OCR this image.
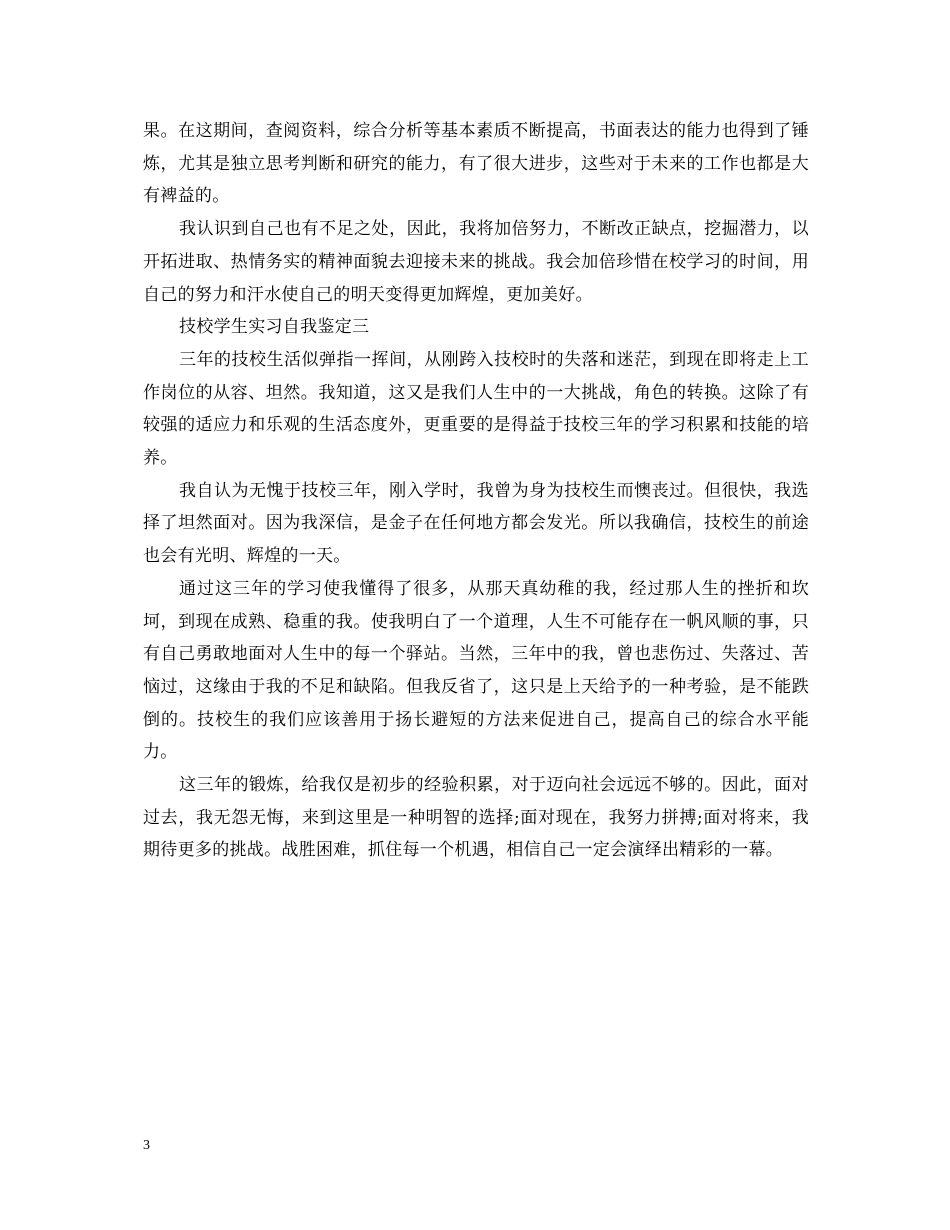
果。在这期间，查阅资料，综合分析等基本素质不断提高，书面表达的能力也得到了锤炼，尤其是独立思考判断和研究的能力，有了很大进步，这些对于未来的工作也都是大有裨益的。

我认识到自己也有不足之处，因此，我将加倍努力，不断改正缺点，挖掘潜力，以开拓进取、热情务实的精神面貌去迎接未来的挑战。我会加倍珍惜在校学习的时间，用自己的努力和汗水使自己的明天变得更加辉煌，更加美好。

技校学生实习自我鉴定三

三年的技校生活似弹指一挥间，从刚跨入技校时的失落和迷茫，到现在即将走上工作岗位的从容、坦然。我知道，这又是我们人生中的一大挑战，角色的转换。这除了有较强的适应力和乐观的生活态度外，更重要的是得益于技校三年的学习积累和技能的培养。

我自认为无愧于技校三年，刚入学时，我曾为身为技校生而懊丧过。但很快，我选择了坦然面对。因为我深信，是金子在任何地方都会发光。所以我确信，技校生的前途也会有光明、辉煌的一天。

通过这三年的学习使我懂得了很多，从那天真幼稚的我，经过那人生的挫折和坎坷，到现在成熟、稳重的我。使我明白了一个道理，人生不可能存在一帆风顺的事，只有自己勇敢地面对人生中的每一个驿站。当然，三年中的我，曾也悲伤过、失落过、苦恼过，这缘由于我的不足和缺陷。但我反省了，这只是上天给予的一种考验，是不能跌倒的。技校生的我们应该善用于扬长避短的方法来促进自己，提高自己的综合水平能力。

这三年的锻炼，给我仅是初步的经验积累，对于迈向社会远远不够的。因此，面对过去，我无怨无悔，来到这里是一种明智的选择;面对现在，我努力拼搏;面对将来，我期待更多的挑战。战胜困难，抓住每一个机遇，相信自己一定会演绎出精彩的一幕。

3
